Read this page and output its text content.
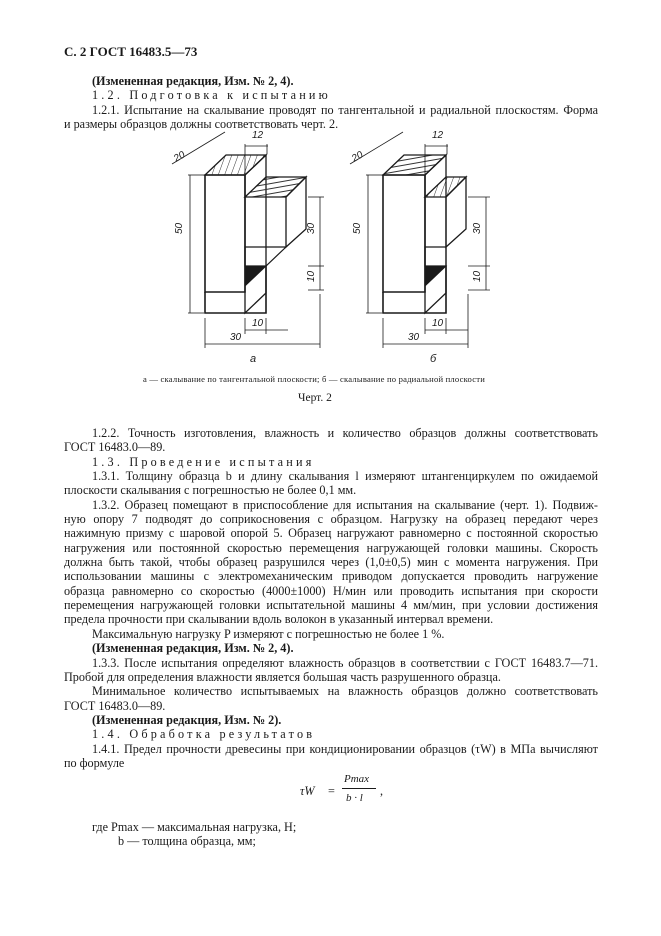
С. 2 ГОСТ 16483.5—73
(Измененная редакция, Изм. № 2, 4).
1.2. Подготовка к испытанию
1.2.1. Испытание на скалывание проводят по тангентальной и радиальной плоскостям. Форма
и размеры образцов должны соответствовать черт. 2.
12
20
50	30
10
10
30
а
12
20
50	30
10
10
30
б
а — скалывание по тангентальной плоскости; б — скалывание по радиальной плоскости
Черт. 2
1.2.2. Точность изготовления, влажность и количество образцов должны соответствовать
ГОСТ 16483.0—89.
1.3. Проведение испытания
1.3.1. Толщину образца b и длину скалывания l измеряют штангенциркулем по ожидаемой
плоскости скалывания с погрешностью не более 0,1 мм.
1.3.2. Образец помещают в приспособление для испытания на скалывание (черт. 1). Подвиж-
ную опору 7 подводят до соприкосновения с образцом. Нагрузку на образец передают через
нажимную призму с шаровой опорой 5. Образец нагружают равномерно с постоянной скоростью
нагружения или постоянной скоростью перемещения нагружающей головки машины. Скорость
должна быть такой, чтобы образец разрушился через (1,0±0,5) мин с момента нагружения. При
использовании машины с электромеханическим приводом допускается проводить нагружение
образца равномерно со скоростью (4000±1000) Н/мин или проводить испытания при скорости
перемещения нагружающей головки испытательной машины 4 мм/мин, при условии достижения
предела прочности при скалывании вдоль волокон в указанный интервал времени.
Максимальную нагрузку P измеряют с погрешностью не более 1 %.
(Измененная редакция, Изм. № 2, 4).
1.3.3. После испытания определяют влажность образцов в соответствии с ГОСТ 16483.7—71.
Пробой для определения влажности является большая часть разрушенного образца.
Минимальное количество испытываемых на влажность образцов должно соответствовать
ГОСТ 16483.0—89.
(Измененная редакция, Изм. № 2).
1.4. Обработка результатов
1.4.1. Предел прочности древесины при кондиционировании образцов (τW) в МПа вычисляют
по формуле
τW =
Pmax
b · l ,
где Pmax — максимальная нагрузка, Н;
b — толщина образца, мм;
